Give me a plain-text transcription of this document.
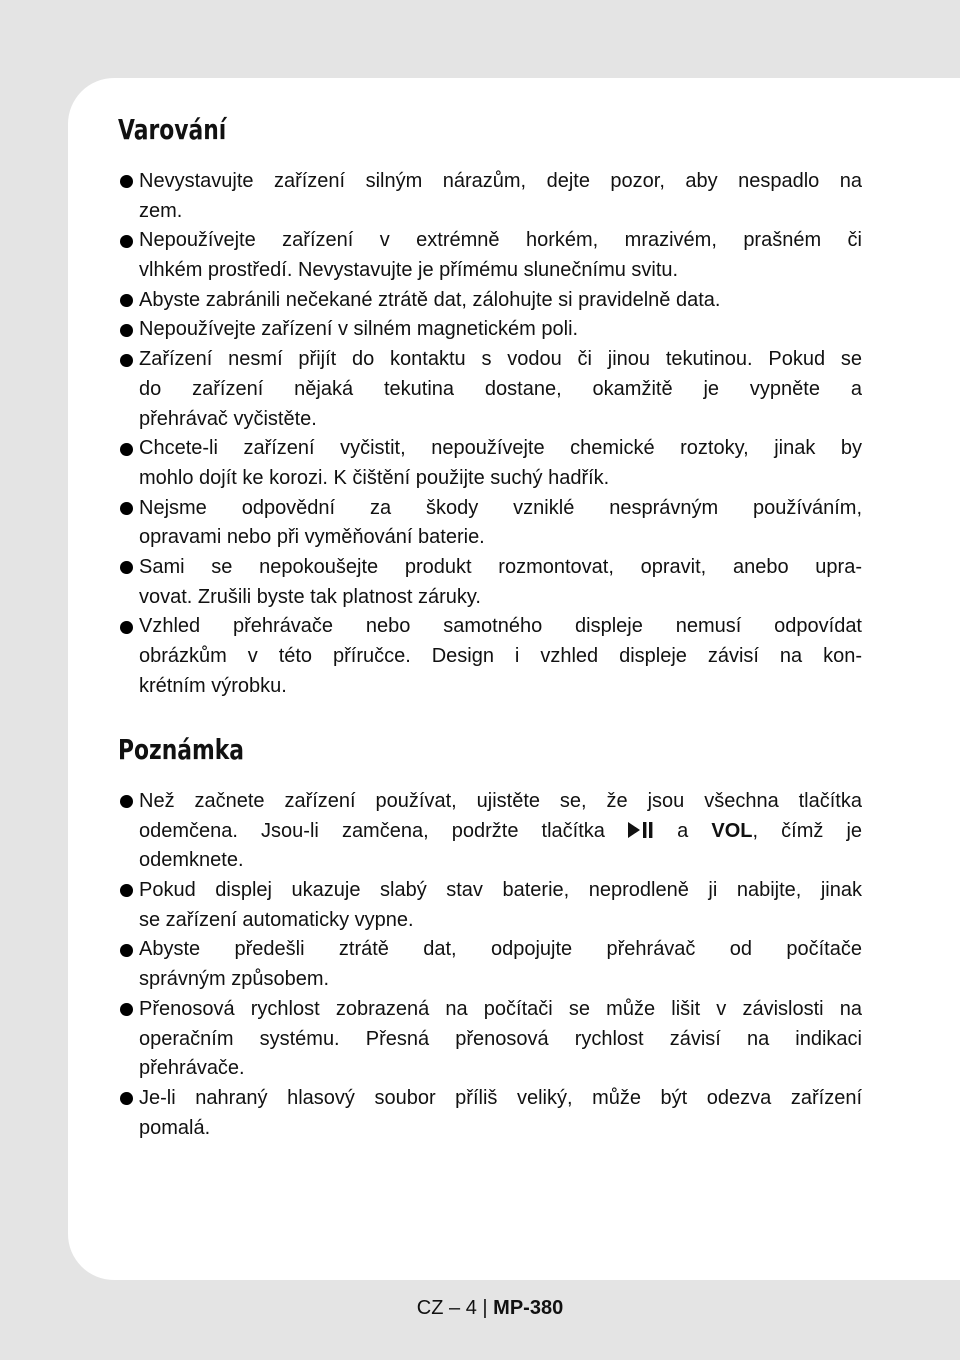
Varování
Nevystavujte zařízení silným nárazům, dejte pozor, aby nespadlo na
zem.
Nepoužívejte zařízení v extrémně horkém, mrazivém, prašném či
vlhkém prostředí. Nevystavujte je přímému slunečnímu svitu.
Abyste zabránili nečekané ztrátě dat, zálohujte si pravidelně data.
Nepoužívejte zařízení v silném magnetickém poli.
Zařízení nesmí přijít do kontaktu s vodou či jinou tekutinou. Pokud se
do zařízení nějaká tekutina dostane, okamžitě je vypněte a
přehrávač vyčistěte.
Chcete-li zařízení vyčistit, nepoužívejte chemické roztoky, jinak by
mohlo dojít ke korozi. K čištění použijte suchý hadřík.
Nejsme odpovědní za škody vzniklé nesprávným používáním,
opravami nebo při vyměňování baterie.
Sami se nepokoušejte produkt rozmontovat, opravit, anebo upra-
vovat. Zrušili byste tak platnost záruky.
Vzhled přehrávače nebo samotného displeje nemusí odpovídat
obrázkům v této příručce. Design i vzhled displeje závisí na kon-
krétním výrobku.
Poznámka
Než začnete zařízení používat, ujistěte se, že jsou všechna tlačítka
odemčena. Jsou-li zamčena, podržte tlačítka	a VOL, čímž je
odemknete.
Pokud displej ukazuje slabý stav baterie, neprodleně ji nabijte, jinak
se zařízení automaticky vypne.
Abyste předešli ztrátě dat, odpojujte přehrávač od počítače
správným způsobem.
Přenosová rychlost zobrazená na počítači se může lišit v závislosti na
operačním systému. Přesná přenosová rychlost závisí na indikaci
přehrávače.
Je-li nahraný hlasový soubor příliš veliký, může být odezva zařízení
pomalá.
CZ – 4 | MP-380
